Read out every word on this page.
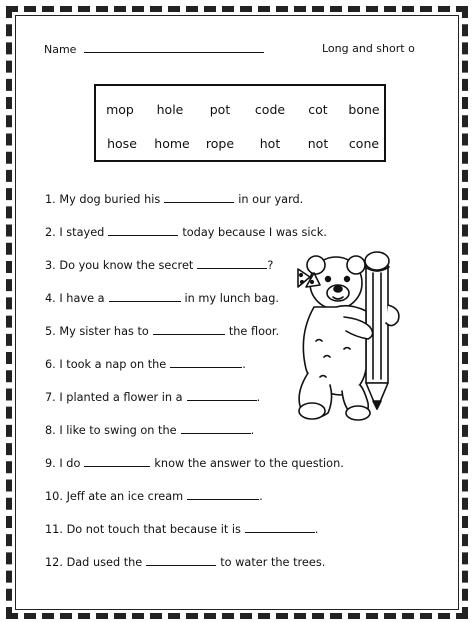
Name	Long and short o
mop	hole	pot	code	cot	bone
hose	home	rope	hot	not	cone
1. My dog buried his	in our yard.
2. I stayed	today because I was sick.
3. Do you know the secret	?
4. I have a	in my lunch bag.
5. My sister has to	the floor.
6. I took a nap on the	.
7. I planted a flower in a	.
8. I like to swing on the	.
9. I do	know the answer to the question.
10. Jeff ate an ice cream	.
11. Do not touch that because it is	.
12. Dad used the	to water the trees.
